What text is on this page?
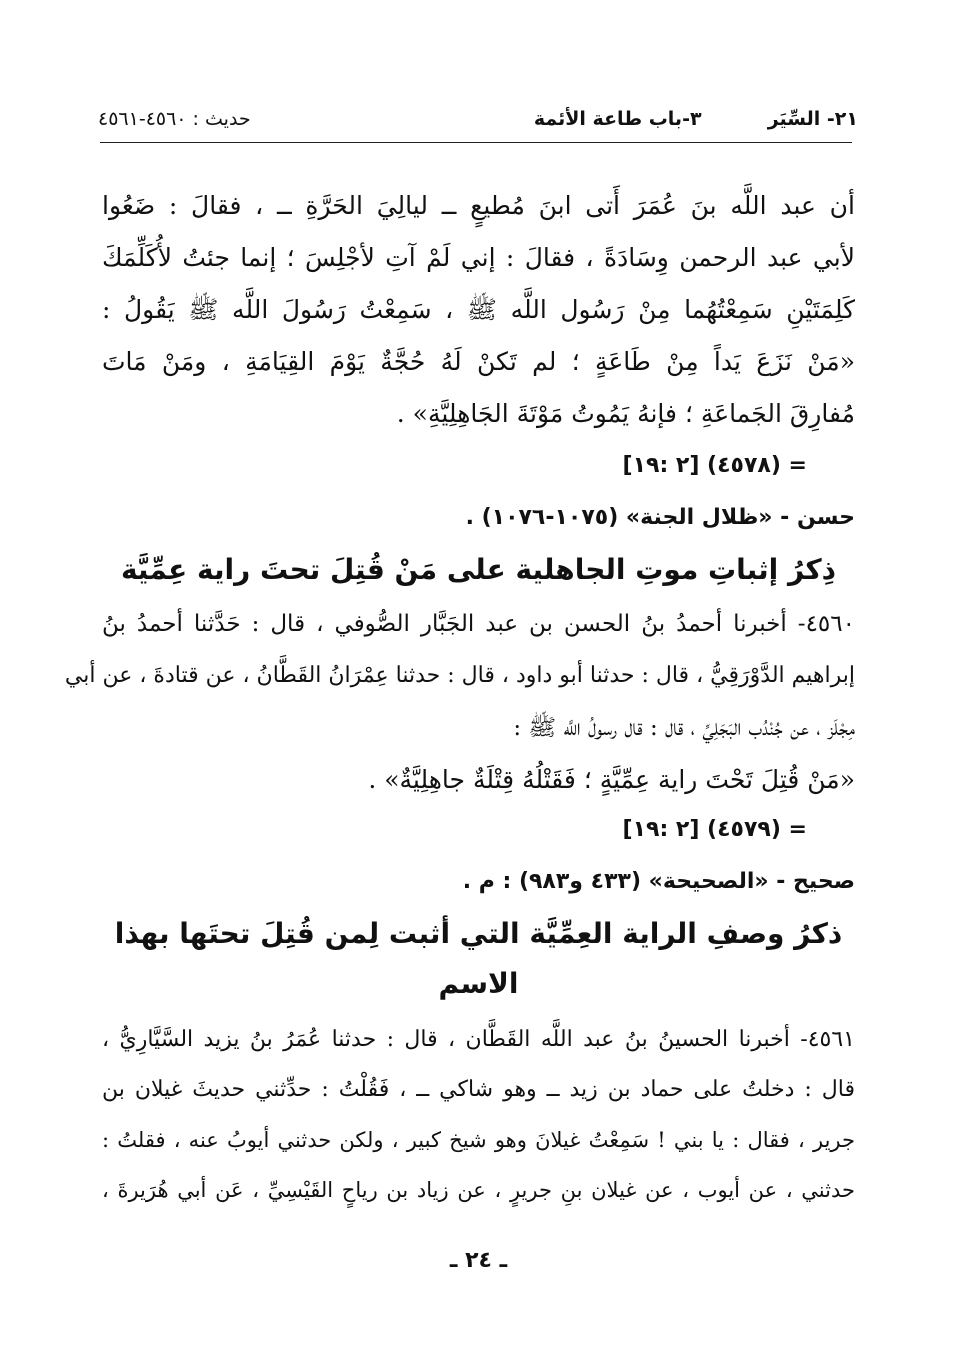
٢١- السِّيَر          ٣-باب طاعة الأئمة
حديث : ٤٥٦٠-٤٥٦١
أن عبد اللَّه بنَ عُمَرَ أَتى ابنَ مُطيعٍ ــ ليالِيَ الحَرَّةِ ــ ، فقالَ : ضَعُوا
لأبي عبد الرحمن وِسَادَةً ، فقالَ : إني لَمْ آتِ لأجْلِسَ ؛ إنما جئتُ لأُكَلِّمَكَ
كَلِمَتَيْنِ سَمِعْتُهُما مِنْ رَسُول اللَّه ﷺ ، سَمِعْتُ رَسُولَ اللَّه ﷺ يَقُولُ :
«مَنْ نَزَعَ يَداً مِنْ طَاعَةٍ ؛ لم تَكنْ لَهُ حُجَّةٌ يَوْمَ القِيَامَةِ ، ومَنْ مَاتَ
مُفارِقَ الجَماعَةِ ؛ فإنهُ يَمُوتُ مَوْتَةَ الجَاهِلِيَّةِ» .
= (٤٥٧٨) [٢ :١٩]
حسن - «ظلال الجنة» (١٠٧٥-١٠٧٦) .
ذِكرُ إثباتِ موتِ الجاهلية على مَنْ قُتِلَ تحتَ راية عِمِّيَّة
٤٥٦٠- أخبرنا أحمدُ بنُ الحسن بن عبد الجَبَّار الصُّوفي ، قال : حَدَّثنا أحمدُ بنُ
إبراهيم الدَّوْرَقِيُّ ، قال : حدثنا أبو داود ، قال : حدثنا عِمْرَانُ القَطَّانُ ، عن قتادةَ ، عن أبي
مِجْلَز ، عن جُنْدُب البَجَلِيِّ ، قال : قال رسولُ اللَّه ﷺ :
«مَنْ قُتِلَ تَحْتَ راية عِمِّيَّةٍ ؛ فَقَتْلُهُ قِتْلَةٌ جاهِلِيَّةٌ» .
= (٤٥٧٩) [٢ :١٩]
صحيح - «الصحيحة» (٤٣٣ و٩٨٣) : م .
ذكرُ وصفِ الراية العِمِّيَّة التي أثبت لِمن قُتِلَ تحتَها بهذا
الاسم
٤٥٦١- أخبرنا الحسينُ بنُ عبد اللَّه القَطَّان ، قال : حدثنا عُمَرُ بنُ يزيد السَّيَّارِيُّ ،
قال : دخلتُ على حماد بن زيد ــ وهو شاكي ــ ، فَقُلْتُ : حدِّثني حديثَ غيلان بن
جرير ، فقال : يا بني ! سَمِعْتُ غيلانَ وهو شيخ كبير ، ولكن حدثني أيوبُ عنه ، فقلتُ :
حدثني ، عن أيوب ، عن غيلان بنِ جريرٍ ، عن زياد بن رياحٍ القَيْسِيِّ ، عَن أبي هُرَيرةَ ،
ـ ٢٤ ـ
